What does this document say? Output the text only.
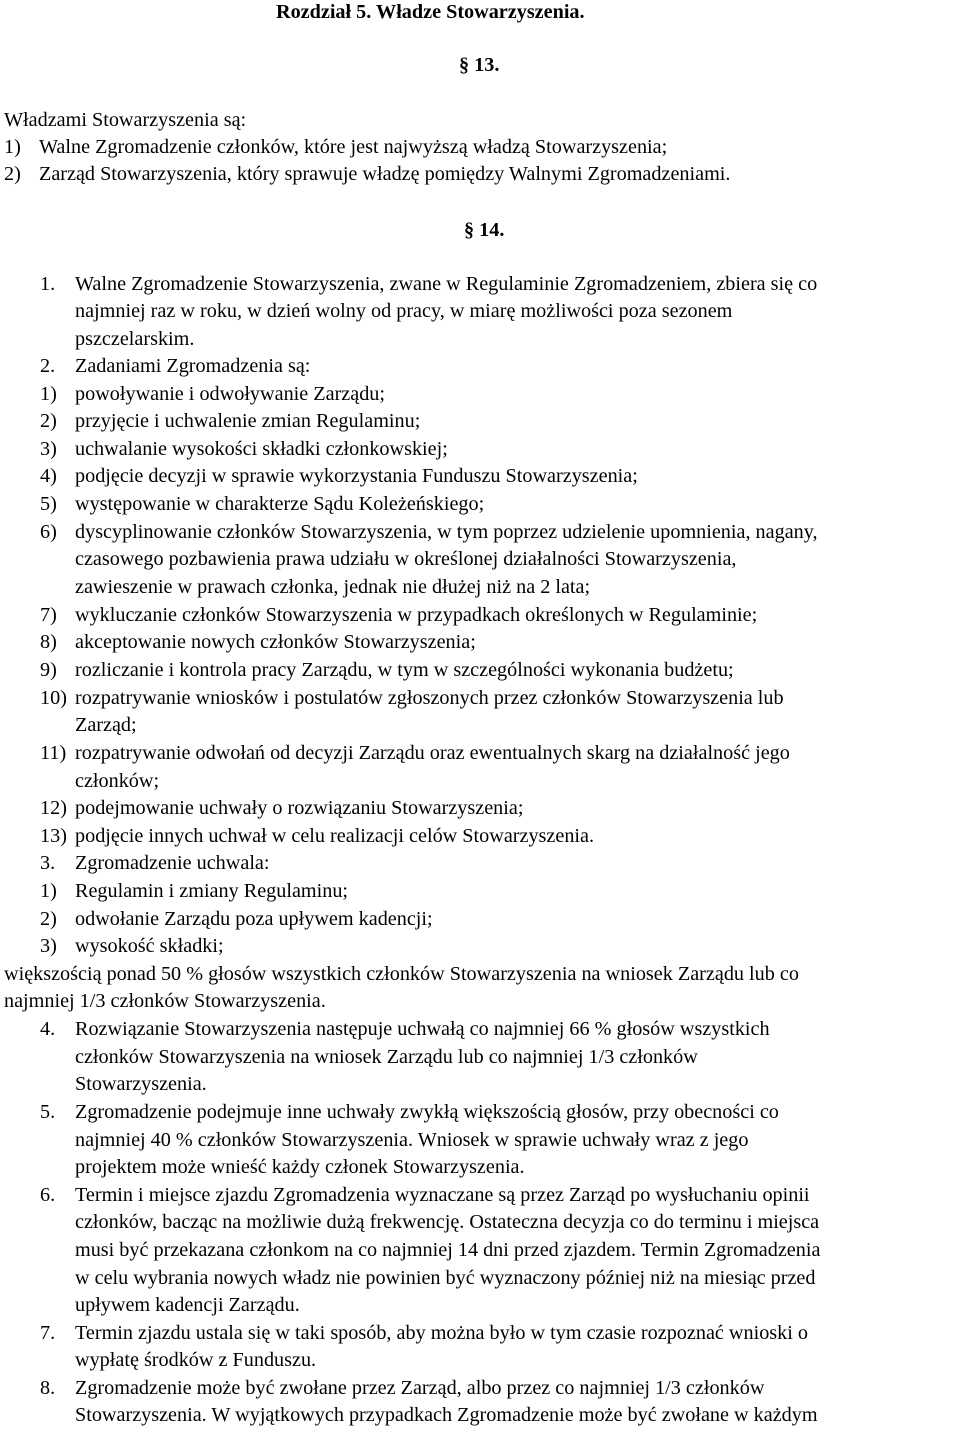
Rozdział 5. Władze Stowarzyszenia.
§ 13.
Władzami Stowarzyszenia są:
1) Walne Zgromadzenie członków, które jest najwyższą władzą Stowarzyszenia;
2) Zarząd Stowarzyszenia, który sprawuje władzę pomiędzy Walnymi Zgromadzeniami.
§ 14.
1. Walne Zgromadzenie Stowarzyszenia, zwane w Regulaminie Zgromadzeniem, zbiera się co
najmniej raz w roku, w dzień wolny od pracy, w miarę możliwości poza sezonem
pszczelarskim.
2. Zadaniami Zgromadzenia są:
1) powoływanie i odwoływanie Zarządu;
2) przyjęcie i uchwalenie zmian Regulaminu;
3) uchwalanie wysokości składki członkowskiej;
4) podjęcie decyzji w sprawie wykorzystania Funduszu Stowarzyszenia;
5) występowanie w charakterze Sądu Koleżeńskiego;
6) dyscyplinowanie członków Stowarzyszenia, w tym poprzez udzielenie upomnienia, nagany,
czasowego pozbawienia prawa udziału w określonej działalności Stowarzyszenia,
zawieszenie w prawach członka, jednak nie dłużej niż na 2 lata;
7) wykluczanie członków Stowarzyszenia w przypadkach określonych w Regulaminie;
8) akceptowanie nowych członków Stowarzyszenia;
9) rozliczanie i kontrola pracy Zarządu, w tym w szczególności wykonania budżetu;
10) rozpatrywanie wniosków i postulatów zgłoszonych przez członków Stowarzyszenia lub
Zarząd;
11) rozpatrywanie odwołań od decyzji Zarządu oraz ewentualnych skarg na działalność jego
członków;
12) podejmowanie uchwały o rozwiązaniu Stowarzyszenia;
13) podjęcie innych uchwał w celu realizacji celów Stowarzyszenia.
3. Zgromadzenie uchwala:
1) Regulamin i zmiany Regulaminu;
2) odwołanie Zarządu poza upływem kadencji;
3) wysokość składki;
większością ponad 50 % głosów wszystkich członków Stowarzyszenia na wniosek Zarządu lub co
najmniej 1/3 członków Stowarzyszenia.
4. Rozwiązanie Stowarzyszenia następuje uchwałą co najmniej 66 % głosów wszystkich
członków Stowarzyszenia na wniosek Zarządu lub co najmniej 1/3 członków
Stowarzyszenia.
5. Zgromadzenie podejmuje inne uchwały zwykłą większością głosów, przy obecności co
najmniej 40 % członków Stowarzyszenia. Wniosek w sprawie uchwały wraz z jego
projektem może wnieść każdy członek Stowarzyszenia.
6. Termin i miejsce zjazdu Zgromadzenia wyznaczane są przez Zarząd po wysłuchaniu opinii
członków, bacząc na możliwie dużą frekwencję. Ostateczna decyzja co do terminu i miejsca
musi być przekazana członkom na co najmniej 14 dni przed zjazdem. Termin Zgromadzenia
w celu wybrania nowych władz nie powinien być wyznaczony później niż na miesiąc przed
upływem kadencji Zarządu.
7. Termin zjazdu ustala się w taki sposób, aby można było w tym czasie rozpoznać wnioski o
wypłatę środków z Funduszu.
8. Zgromadzenie może być zwołane przez Zarząd, albo przez co najmniej 1/3 członków
Stowarzyszenia. W wyjątkowych przypadkach Zgromadzenie może być zwołane w każdym
